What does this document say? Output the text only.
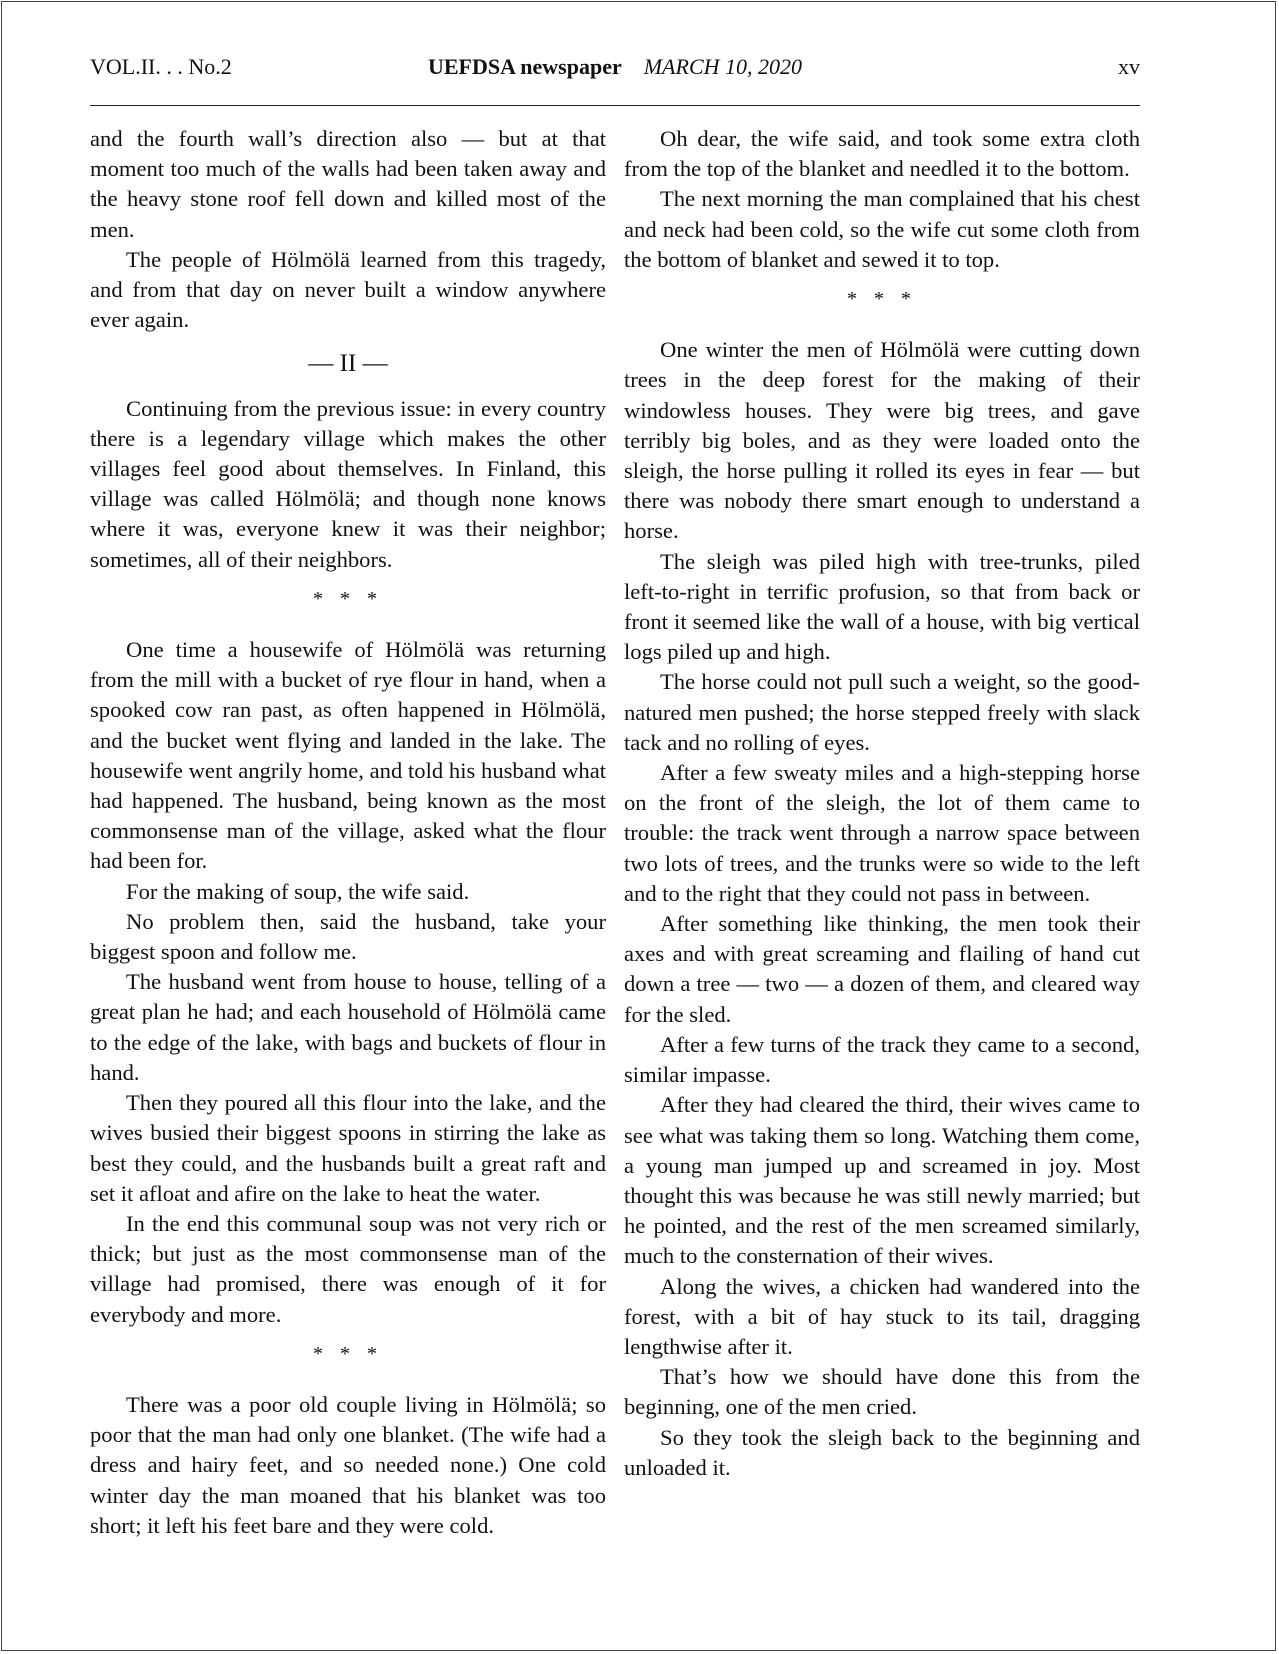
VOL.II. . . No.2	UEFDSA newspaper MARCH 10, 2020	xv

and the fourth wall’s direction also — but at that moment too much of the walls had been taken away and the heavy stone roof fell down and killed most of the men.

The people of Hölmölä learned from this tragedy, and from that day on never built a window anywhere ever again.

— II —

Continuing from the previous issue: in every country there is a legendary village which makes the other villages feel good about themselves. In Finland, this village was called Hölmölä; and though none knows where it was, everyone knew it was their neighbor; sometimes, all of their neighbors.

* * *

One time a housewife of Hölmölä was returning from the mill with a bucket of rye flour in hand, when a spooked cow ran past, as often happened in Hölmölä, and the bucket went flying and landed in the lake. The housewife went angrily home, and told his husband what had happened. The husband, being known as the most commonsense man of the village, asked what the flour had been for.

For the making of soup, the wife said.

No problem then, said the husband, take your biggest spoon and follow me.

The husband went from house to house, telling of a great plan he had; and each household of Hölmölä came to the edge of the lake, with bags and buckets of flour in hand.

Then they poured all this flour into the lake, and the wives busied their biggest spoons in stirring the lake as best they could, and the husbands built a great raft and set it afloat and afire on the lake to heat the water.

In the end this communal soup was not very rich or thick; but just as the most commonsense man of the village had promised, there was enough of it for everybody and more.

* * *

There was a poor old couple living in Hölmölä; so poor that the man had only one blanket. (The wife had a dress and hairy feet, and so needed none.) One cold winter day the man moaned that his blanket was too short; it left his feet bare and they were cold.

Oh dear, the wife said, and took some extra cloth from the top of the blanket and needled it to the bottom.

The next morning the man complained that his chest and neck had been cold, so the wife cut some cloth from the bottom of blanket and sewed it to top.

* * *

One winter the men of Hölmölä were cutting down trees in the deep forest for the making of their windowless houses. They were big trees, and gave terribly big boles, and as they were loaded onto the sleigh, the horse pulling it rolled its eyes in fear — but there was nobody there smart enough to understand a horse.

The sleigh was piled high with tree-trunks, piled left-to-right in terrific profusion, so that from back or front it seemed like the wall of a house, with big vertical logs piled up and high.

The horse could not pull such a weight, so the good-natured men pushed; the horse stepped freely with slack tack and no rolling of eyes.

After a few sweaty miles and a high-stepping horse on the front of the sleigh, the lot of them came to trouble: the track went through a narrow space between two lots of trees, and the trunks were so wide to the left and to the right that they could not pass in between.

After something like thinking, the men took their axes and with great screaming and flailing of hand cut down a tree — two — a dozen of them, and cleared way for the sled.

After a few turns of the track they came to a second, similar impasse.

After they had cleared the third, their wives came to see what was taking them so long. Watching them come, a young man jumped up and screamed in joy. Most thought this was because he was still newly married; but he pointed, and the rest of the men screamed similarly, much to the consternation of their wives.

Along the wives, a chicken had wandered into the forest, with a bit of hay stuck to its tail, dragging lengthwise after it.

That’s how we should have done this from the beginning, one of the men cried.

So they took the sleigh back to the beginning and unloaded it.
